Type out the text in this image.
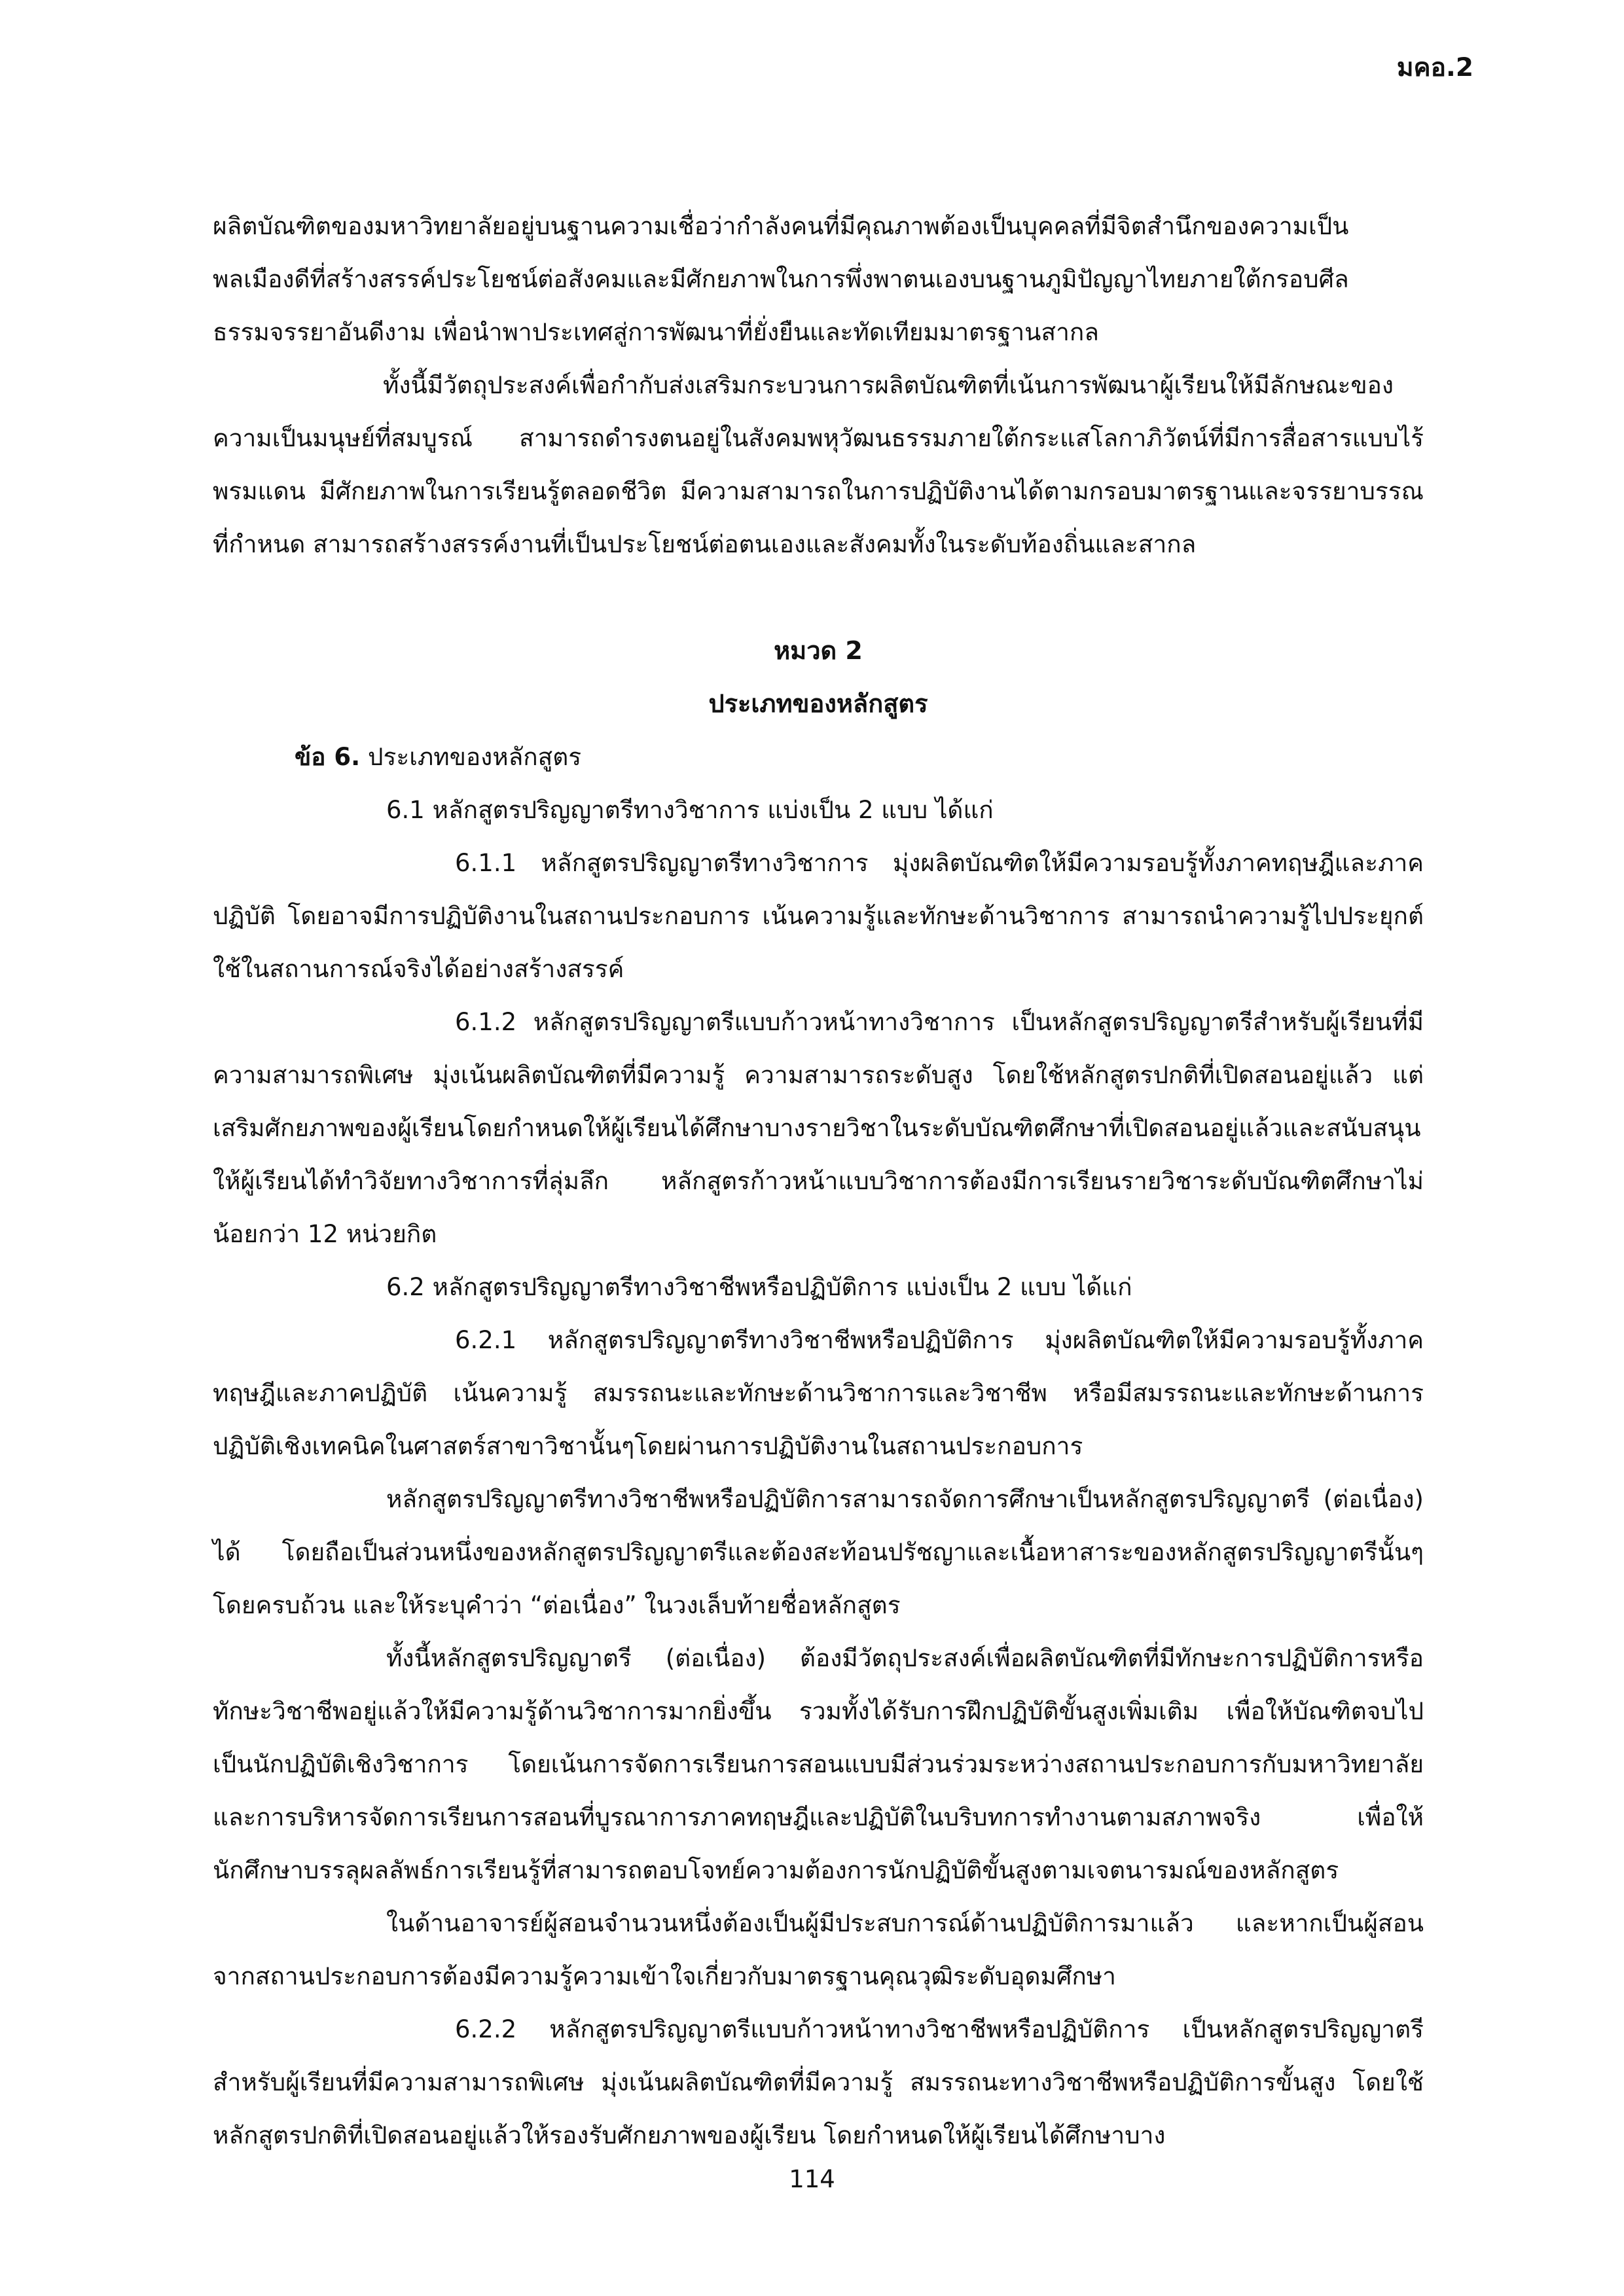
มคอ.2

ผลิตบัณฑิตของมหาวิทยาลัยอยู่บนฐานความเชื่อว่ากำลังคนที่มีคุณภาพต้องเป็นบุคคลที่มีจิตสำนึกของความเป็นพลเมืองดีที่สร้างสรรค์ประโยชน์ต่อสังคมและมีศักยภาพในการพึ่งพาตนเองบนฐานภูมิปัญญาไทยภายใต้กรอบศีลธรรมจรรยาอันดีงาม เพื่อนำพาประเทศสู่การพัฒนาที่ยั่งยืนและทัดเทียมมาตรฐานสากล

ทั้งนี้มีวัตถุประสงค์เพื่อกำกับส่งเสริมกระบวนการผลิตบัณฑิตที่เน้นการพัฒนาผู้เรียนให้มีลักษณะของความเป็นมนุษย์ที่สมบูรณ์ สามารถดำรงตนอยู่ในสังคมพหุวัฒนธรรมภายใต้กระแสโลกาภิวัตน์ที่มีการสื่อสารแบบไร้พรมแดน มีศักยภาพในการเรียนรู้ตลอดชีวิต มีความสามารถในการปฏิบัติงานได้ตามกรอบมาตรฐานและจรรยาบรรณที่กำหนด สามารถสร้างสรรค์งานที่เป็นประโยชน์ต่อตนเองและสังคมทั้งในระดับท้องถิ่นและสากล

หมวด 2

ประเภทของหลักสูตร

ข้อ 6. ประเภทของหลักสูตร

6.1 หลักสูตรปริญญาตรีทางวิชาการ แบ่งเป็น 2 แบบ ได้แก่

6.1.1 หลักสูตรปริญญาตรีทางวิชาการ มุ่งผลิตบัณฑิตให้มีความรอบรู้ทั้งภาคทฤษฎีและภาคปฏิบัติ โดยอาจมีการปฏิบัติงานในสถานประกอบการ เน้นความรู้และทักษะด้านวิชาการ สามารถนำความรู้ไปประยุกต์ใช้ในสถานการณ์จริงได้อย่างสร้างสรรค์

6.1.2 หลักสูตรปริญญาตรีแบบก้าวหน้าทางวิชาการ เป็นหลักสูตรปริญญาตรีสำหรับผู้เรียนที่มีความสามารถพิเศษ มุ่งเน้นผลิตบัณฑิตที่มีความรู้ ความสามารถระดับสูง โดยใช้หลักสูตรปกติที่เปิดสอนอยู่แล้ว แต่เสริมศักยภาพของผู้เรียนโดยกำหนดให้ผู้เรียนได้ศึกษาบางรายวิชาในระดับบัณฑิตศึกษาที่เปิดสอนอยู่แล้วและสนับสนุนให้ผู้เรียนได้ทำวิจัยทางวิชาการที่ลุ่มลึก หลักสูตรก้าวหน้าแบบวิชาการต้องมีการเรียนรายวิชาระดับบัณฑิตศึกษาไม่น้อยกว่า 12 หน่วยกิต

6.2 หลักสูตรปริญญาตรีทางวิชาชีพหรือปฏิบัติการ แบ่งเป็น 2 แบบ ได้แก่

6.2.1 หลักสูตรปริญญาตรีทางวิชาชีพหรือปฏิบัติการ มุ่งผลิตบัณฑิตให้มีความรอบรู้ทั้งภาคทฤษฎีและภาคปฏิบัติ เน้นความรู้ สมรรถนะและทักษะด้านวิชาการและวิชาชีพ หรือมีสมรรถนะและทักษะด้านการปฏิบัติเชิงเทคนิคในศาสตร์สาขาวิชานั้นๆโดยผ่านการปฏิบัติงานในสถานประกอบการ

หลักสูตรปริญญาตรีทางวิชาชีพหรือปฏิบัติการสามารถจัดการศึกษาเป็นหลักสูตรปริญญาตรี (ต่อเนื่อง) ได้ โดยถือเป็นส่วนหนึ่งของหลักสูตรปริญญาตรีและต้องสะท้อนปรัชญาและเนื้อหาสาระของหลักสูตรปริญญาตรีนั้นๆโดยครบถ้วน และให้ระบุคำว่า “ต่อเนื่อง” ในวงเล็บท้ายชื่อหลักสูตร

ทั้งนี้หลักสูตรปริญญาตรี (ต่อเนื่อง) ต้องมีวัตถุประสงค์เพื่อผลิตบัณฑิตที่มีทักษะการปฏิบัติการหรือทักษะวิชาชีพอยู่แล้วให้มีความรู้ด้านวิชาการมากยิ่งขึ้น รวมทั้งได้รับการฝึกปฏิบัติขั้นสูงเพิ่มเติม เพื่อให้บัณฑิตจบไปเป็นนักปฏิบัติเชิงวิชาการ โดยเน้นการจัดการเรียนการสอนแบบมีส่วนร่วมระหว่างสถานประกอบการกับมหาวิทยาลัย และการบริหารจัดการเรียนการสอนที่บูรณาการภาคทฤษฎีและปฏิบัติในบริบทการทำงานตามสภาพจริง เพื่อให้นักศึกษาบรรลุผลลัพธ์การเรียนรู้ที่สามารถตอบโจทย์ความต้องการนักปฏิบัติขั้นสูงตามเจตนารมณ์ของหลักสูตร

ในด้านอาจารย์ผู้สอนจำนวนหนึ่งต้องเป็นผู้มีประสบการณ์ด้านปฏิบัติการมาแล้ว และหากเป็นผู้สอนจากสถานประกอบการต้องมีความรู้ความเข้าใจเกี่ยวกับมาตรฐานคุณวุฒิระดับอุดมศึกษา

6.2.2 หลักสูตรปริญญาตรีแบบก้าวหน้าทางวิชาชีพหรือปฏิบัติการ เป็นหลักสูตรปริญญาตรีสำหรับผู้เรียนที่มีความสามารถพิเศษ มุ่งเน้นผลิตบัณฑิตที่มีความรู้ สมรรถนะทางวิชาชีพหรือปฏิบัติการขั้นสูง โดยใช้หลักสูตรปกติที่เปิดสอนอยู่แล้วให้รองรับศักยภาพของผู้เรียน โดยกำหนดให้ผู้เรียนได้ศึกษาบาง

114
